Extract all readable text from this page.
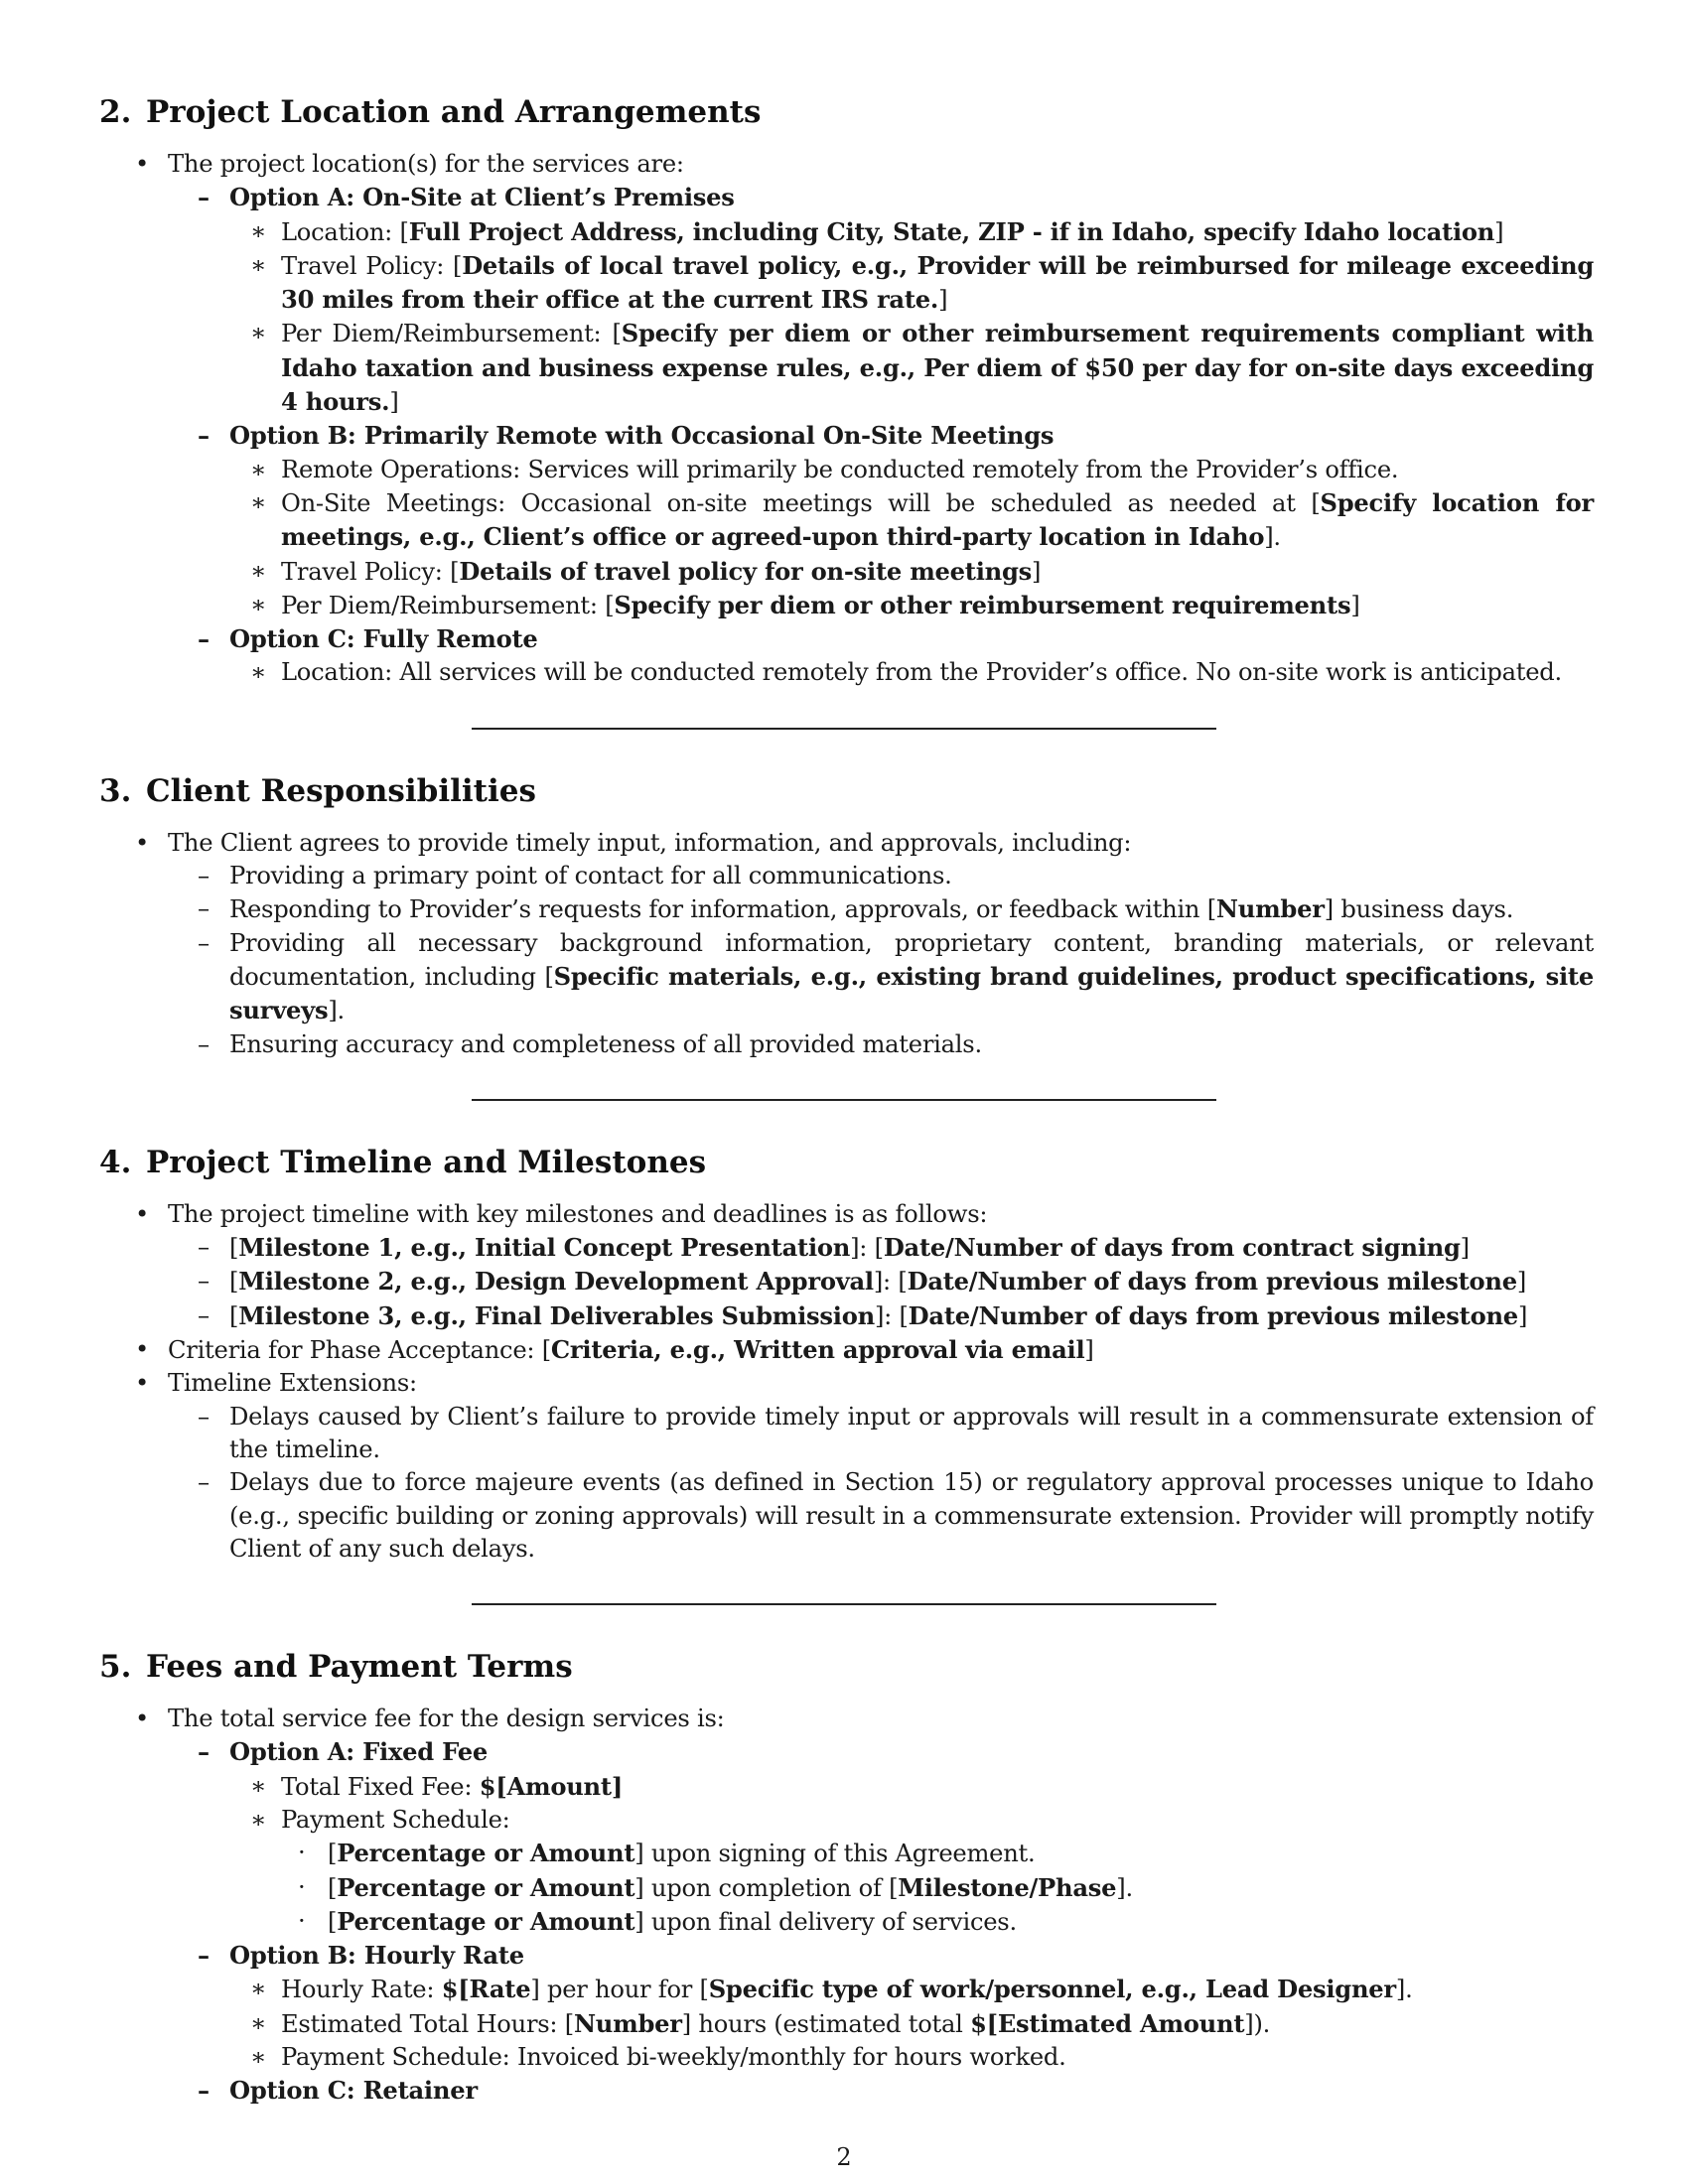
2. Project Location and Arrangements
• The project location(s) for the services are:
– Option A: On-Site at Client’s Premises
∗ Location: [Full Project Address, including City, State, ZIP - if in Idaho, specify Idaho location]
∗ Travel Policy: [Details of local travel policy, e.g., Provider will be reimbursed for mileage exceeding 30 miles from their office at the current IRS rate.]
∗ Per Diem/Reimbursement: [Specify per diem or other reimbursement requirements compliant with Idaho taxation and business expense rules, e.g., Per diem of $50 per day for on-site days exceeding 4 hours.]
– Option B: Primarily Remote with Occasional On-Site Meetings
∗ Remote Operations: Services will primarily be conducted remotely from the Provider’s office.
∗ On-Site Meetings: Occasional on-site meetings will be scheduled as needed at [Specify location for meetings, e.g., Client’s office or agreed-upon third-party location in Idaho].
∗ Travel Policy: [Details of travel policy for on-site meetings]
∗ Per Diem/Reimbursement: [Specify per diem or other reimbursement requirements]
– Option C: Fully Remote
∗ Location: All services will be conducted remotely from the Provider’s office. No on-site work is anticipated.
3. Client Responsibilities
• The Client agrees to provide timely input, information, and approvals, including:
– Providing a primary point of contact for all communications.
– Responding to Provider’s requests for information, approvals, or feedback within [Number] business days.
– Providing all necessary background information, proprietary content, branding materials, or relevant documentation, including [Specific materials, e.g., existing brand guidelines, product specifications, site surveys].
– Ensuring accuracy and completeness of all provided materials.
4. Project Timeline and Milestones
• The project timeline with key milestones and deadlines is as follows:
– [Milestone 1, e.g., Initial Concept Presentation]: [Date/Number of days from contract signing]
– [Milestone 2, e.g., Design Development Approval]: [Date/Number of days from previous milestone]
– [Milestone 3, e.g., Final Deliverables Submission]: [Date/Number of days from previous milestone]
• Criteria for Phase Acceptance: [Criteria, e.g., Written approval via email]
• Timeline Extensions:
– Delays caused by Client’s failure to provide timely input or approvals will result in a commensurate extension of the timeline.
– Delays due to force majeure events (as defined in Section 15) or regulatory approval processes unique to Idaho (e.g., specific building or zoning approvals) will result in a commensurate extension. Provider will promptly notify Client of any such delays.
5. Fees and Payment Terms
• The total service fee for the design services is:
– Option A: Fixed Fee
∗ Total Fixed Fee: $[Amount]
∗ Payment Schedule:
· [Percentage or Amount] upon signing of this Agreement.
· [Percentage or Amount] upon completion of [Milestone/Phase].
· [Percentage or Amount] upon final delivery of services.
– Option B: Hourly Rate
∗ Hourly Rate: $[Rate] per hour for [Specific type of work/personnel, e.g., Lead Designer].
∗ Estimated Total Hours: [Number] hours (estimated total $[Estimated Amount]).
∗ Payment Schedule: Invoiced bi-weekly/monthly for hours worked.
– Option C: Retainer
2
